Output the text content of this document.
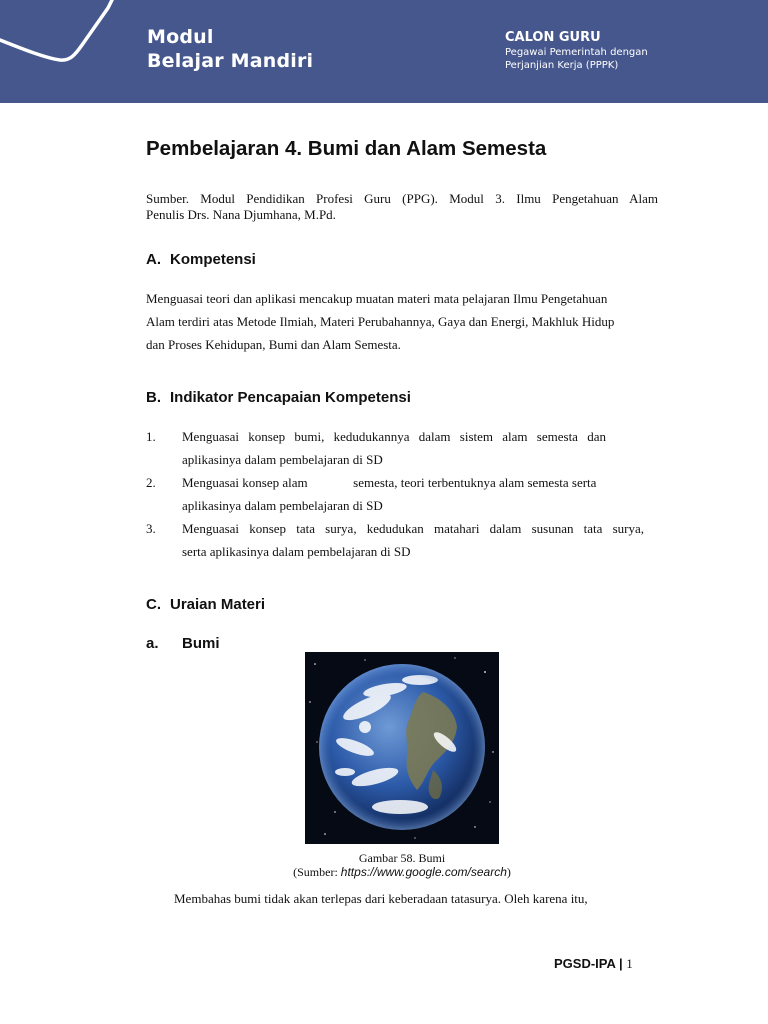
Modul
Belajar Mandiri
CALON GURU
Pegawai Pemerintah dengan
Perjanjian Kerja (PPPK)
Pembelajaran 4. Bumi dan Alam Semesta
Sumber. Modul Pendidikan Profesi Guru (PPG). Modul 3. Ilmu Pengetahuan Alam
Penulis Drs. Nana Djumhana, M.Pd.
A. Kompetensi
Menguasai teori dan aplikasi mencakup muatan materi mata pelajaran Ilmu Pengetahuan
Alam terdiri atas Metode Ilmiah, Materi Perubahannya, Gaya dan Energi, Makhluk Hidup
dan Proses Kehidupan, Bumi dan Alam Semesta.
B. Indikator Pencapaian Kompetensi
1. Menguasai konsep bumi, kedudukannya dalam sistem alam semesta dan
aplikasinya dalam pembelajaran di SD
2. Menguasai konsep alam              semesta, teori terbentuknya alam semesta serta
aplikasinya dalam pembelajaran di SD
3. Menguasai konsep tata surya, kedudukan matahari dalam susunan tata surya,
serta aplikasinya dalam pembelajaran di SD
C. Uraian Materi
a. Bumi
Gambar 58. Bumi
(Sumber: https://www.google.com/search)
Membahas bumi tidak akan terlepas dari keberadaan tatasurya. Oleh karena itu,
PGSD-IPA | 1
